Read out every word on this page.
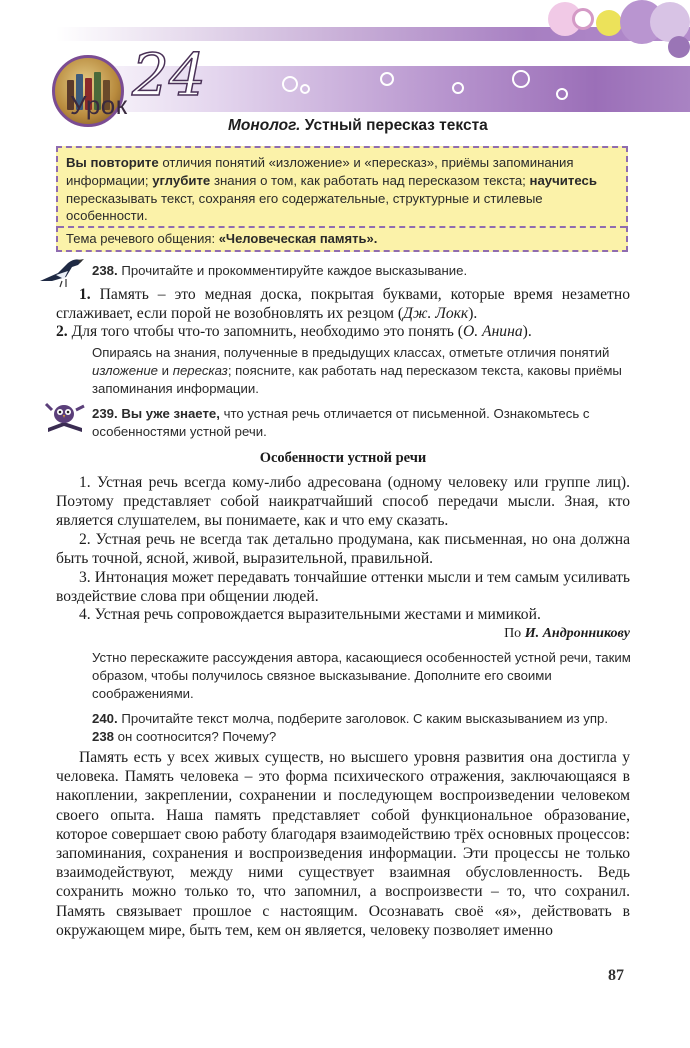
Урок 24
Монолог. Устный пересказ текста
Вы повторите отличия понятий «изложение» и «пересказ», приёмы запоминания информации; углубите знания о том, как работать над пересказом текста; научитесь пересказывать текст, сохраняя его содержательные, структурные и стилевые особенности.
Тема речевого общения: «Человеческая память».
238. Прочитайте и прокомментируйте каждое высказывание.
1. Память – это медная доска, покрытая буквами, которые время незаметно сглаживает, если порой не возобновлять их резцом (Дж. Локк).
2. Для того чтобы что-то запомнить, необходимо это понять (О. Анина).
Опираясь на знания, полученные в предыдущих классах, отметьте отличия понятий изложение и пересказ; поясните, как работать над пересказом текста, каковы приёмы запоминания информации.
239. Вы уже знаете, что устная речь отличается от письменной. Ознакомьтесь с особенностями устной речи.
Особенности устной речи
1. Устная речь всегда кому-либо адресована (одному человеку или группе лиц). Поэтому представляет собой наикратчайший способ передачи мысли. Зная, кто является слушателем, вы понимаете, как и что ему сказать.
2. Устная речь не всегда так детально продумана, как письменная, но она должна быть точной, ясной, живой, выразительной, правильной.
3. Интонация может передавать тончайшие оттенки мысли и тем самым усиливать воздействие слова при общении людей.
4. Устная речь сопровождается выразительными жестами и мимикой.
По И. Андронникову
Устно перескажите рассуждения автора, касающиеся особенностей устной речи, таким образом, чтобы получилось связное высказывание. Дополните его своими соображениями.
240. Прочитайте текст молча, подберите заголовок. С каким высказыванием из упр. 238 он соотносится? Почему?
Память есть у всех живых существ, но высшего уровня развития она достигла у человека. Память человека – это форма психического отражения, заключающаяся в накоплении, закреплении, сохранении и последующем воспроизведении человеком своего опыта. Наша память представляет собой функциональное образование, которое совершает свою работу благодаря взаимодействию трёх основных процессов: запоминания, сохранения и воспроизведения информации. Эти процессы не только взаимодействуют, между ними существует взаимная обусловленность. Ведь сохранить можно только то, что запомнил, а воспроизвести – то, что сохранил. Память связывает прошлое с настоящим. Осознавать своё «я», действовать в окружающем мире, быть тем, кем он является, человеку позволяет именно
87
